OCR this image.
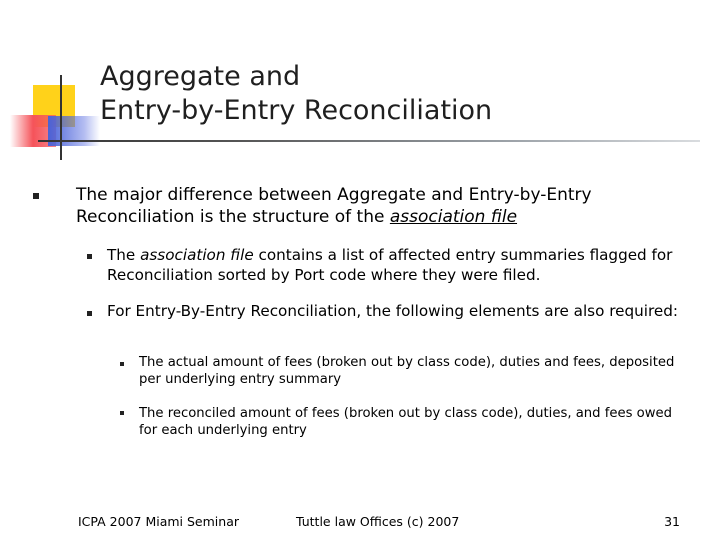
Aggregate and
Entry-by-Entry Reconciliation

The major difference between Aggregate and Entry-by-Entry Reconciliation is the structure of the association file

The association file contains a list of affected entry summaries flagged for Reconciliation sorted by Port code where they were filed.

For Entry-By-Entry Reconciliation, the following elements are also required:

The actual amount of fees (broken out by class code), duties and fees, deposited per underlying entry summary

The reconciled amount of fees (broken out by class code), duties, and fees owed for each underlying entry

ICPA 2007 Miami Seminar	Tuttle law Offices (c) 2007	31
